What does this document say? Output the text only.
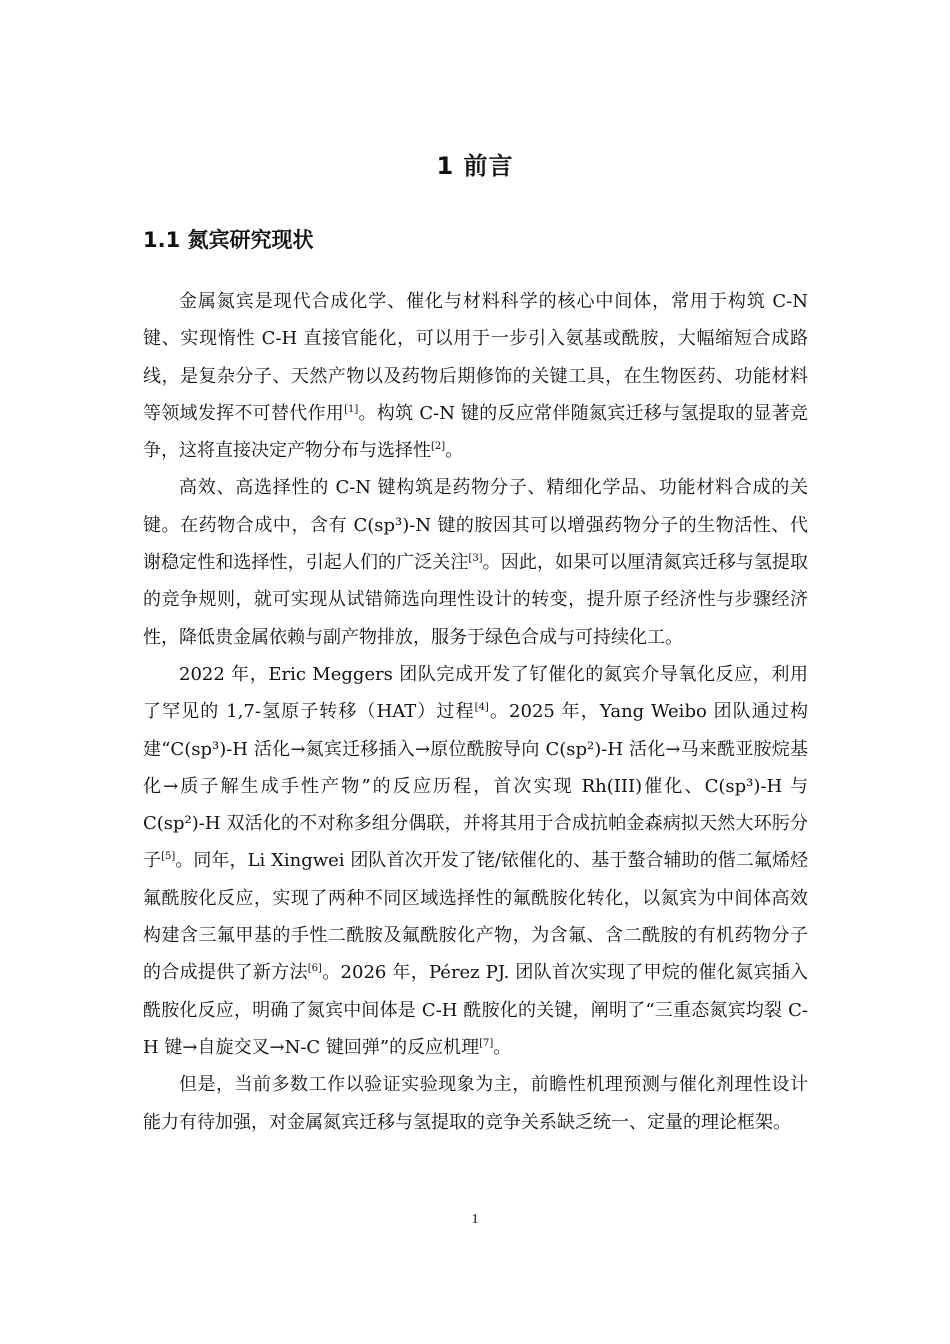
1 前言
1.1 氮宾研究现状

金属氮宾是现代合成化学、催化与材料科学的核心中间体，常用于构筑 C-N 键、实现惰性 C-H 直接官能化，可以用于一步引入氨基或酰胺，大幅缩短合成路线，是复杂分子、天然产物以及药物后期修饰的关键工具，在生物医药、功能材料等领域发挥不可替代作用[1]。构筑 C-N 键的反应常伴随氮宾迁移与氢提取的显著竞争，这将直接决定产物分布与选择性[2]。

高效、高选择性的 C-N 键构筑是药物分子、精细化学品、功能材料合成的关键。在药物合成中，含有 C(sp³)-N 键的胺因其可以增强药物分子的生物活性、代谢稳定性和选择性，引起人们的广泛关注[3]。因此，如果可以厘清氮宾迁移与氢提取的竞争规则，就可实现从试错筛选向理性设计的转变，提升原子经济性与步骤经济性，降低贵金属依赖与副产物排放，服务于绿色合成与可持续化工。

2022 年，Eric Meggers 团队完成开发了钌催化的氮宾介导氧化反应，利用了罕见的 1,7-氢原子转移（HAT）过程[4]。2025 年，Yang Weibo 团队通过构建“C(sp³)-H 活化→氮宾迁移插入→原位酰胺导向 C(sp²)-H 活化→马来酰亚胺烷基化→质子解生成手性产物”的反应历程，首次实现 Rh(III)催化、C(sp³)-H 与 C(sp²)-H 双活化的不对称多组分偶联，并将其用于合成抗帕金森病拟天然大环肟分子[5]。同年，Li Xingwei 团队首次开发了铑/铱催化的、基于螯合辅助的偕二氟烯烃氟酰胺化反应，实现了两种不同区域选择性的氟酰胺化转化，以氮宾为中间体高效构建含三氟甲基的手性二酰胺及氟酰胺化产物，为含氟、含二酰胺的有机药物分子的合成提供了新方法[6]。2026 年，Pérez PJ. 团队首次实现了甲烷的催化氮宾插入酰胺化反应，明确了氮宾中间体是 C-H 酰胺化的关键，阐明了“三重态氮宾均裂 C-H 键→自旋交叉→N-C 键回弹”的反应机理[7]。

但是，当前多数工作以验证实验现象为主，前瞻性机理预测与催化剂理性设计能力有待加强，对金属氮宾迁移与氢提取的竞争关系缺乏统一、定量的理论框架。

1
